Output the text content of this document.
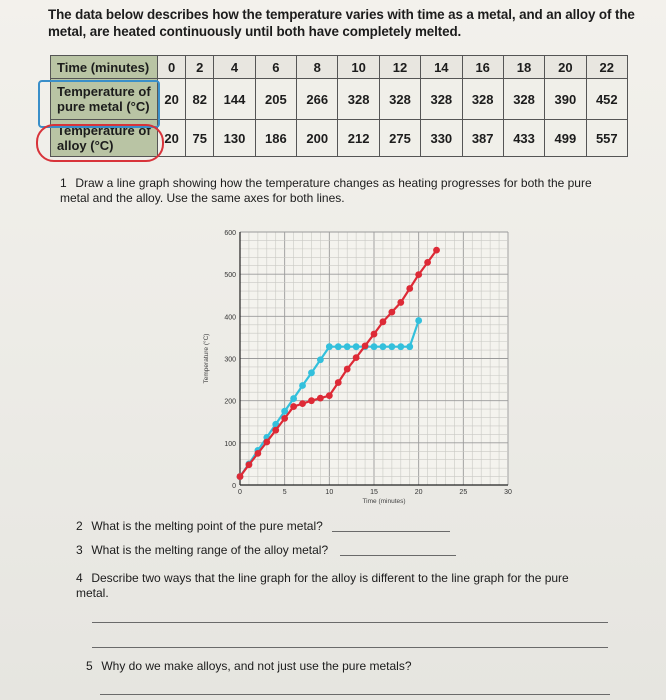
The data below describes how the temperature varies with time as a metal, and an alloy of the metal, are heated continuously until both have completely melted.
Time (minutes)	0	2	4	6	8	10	12	14	16	18	20	22
Temperature of pure metal (°C)	20	82	144	205	266	328	328	328	328	328	390	452
Temperature of alloy (°C)	20	75	130	186	200	212	275	330	387	433	499	557
1 Draw a line graph showing how the temperature changes as heating progresses for both the pure metal and the alloy. Use the same axes for both lines.
0
100
200
300
400
500
600
0	5	10	15	20	25	30
Time (minutes)
Temperature (°C)
2 What is the melting point of the pure metal?
3 What is the melting range of the alloy metal?
4 Describe two ways that the line graph for the alloy is different to the line graph for the pure metal.
5 Why do we make alloys, and not just use the pure metals?
